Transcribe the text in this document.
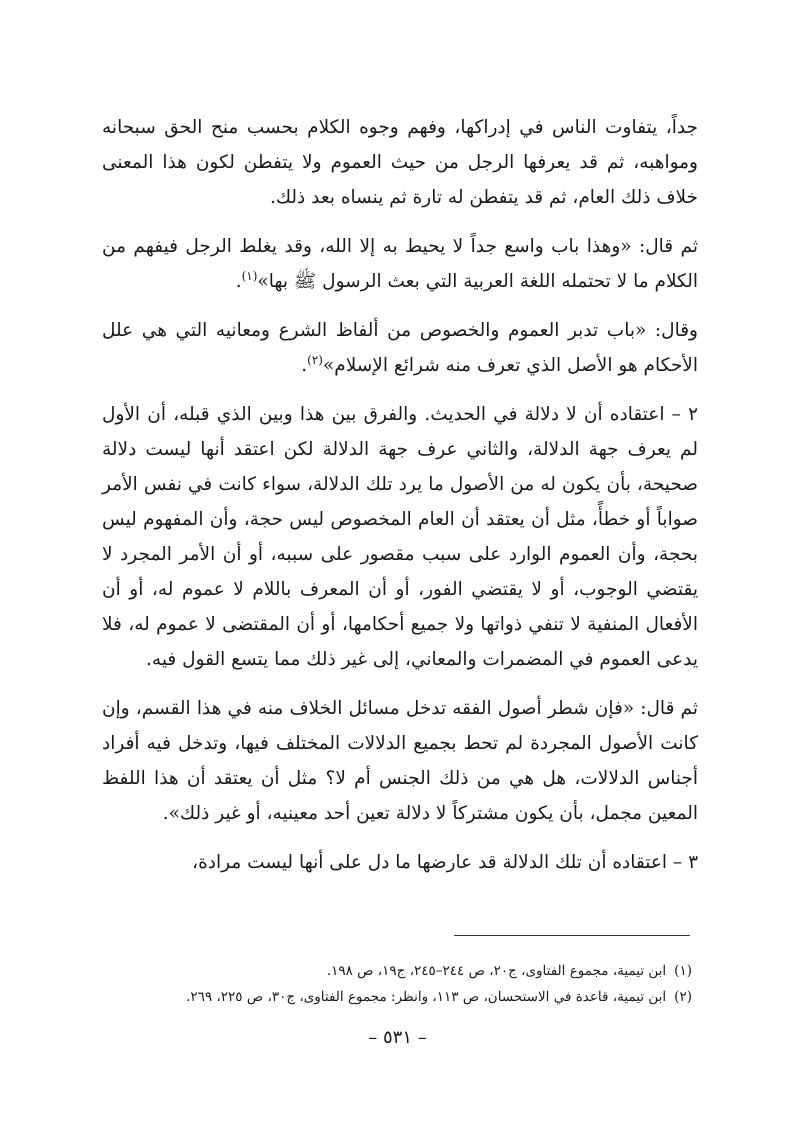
جداً، يتفاوت الناس في إدراكها، وفهم وجوه الكلام بحسب منح الحق سبحانه ومواهبه، ثم قد يعرفها الرجل من حيث العموم ولا يتفطن لكون هذا المعنى خلاف ذلك العام، ثم قد يتفطن له تارة ثم ينساه بعد ذلك.

ثم قال: «وهذا باب واسع جداً لا يحيط به إلا الله، وقد يغلط الرجل فيفهم من الكلام ما لا تحتمله اللغة العربية التي بعث الرسول ﷺ بها»$^{(١)}$.

وقال: «باب تدبر العموم والخصوص من ألفاظ الشرع ومعانيه التي هي علل الأحكام هو الأصل الذي تعرف منه شرائع الإسلام»$^{(٢)}$.

٢ – اعتقاده أن لا دلالة في الحديث. والفرق بين هذا وبين الذي قبله، أن الأول لم يعرف جهة الدلالة، والثاني عرف جهة الدلالة لكن اعتقد أنها ليست دلالة صحيحة، بأن يكون له من الأصول ما يرد تلك الدلالة، سواء كانت في نفس الأمر صواباً أو خطأً، مثل أن يعتقد أن العام المخصوص ليس حجة، وأن المفهوم ليس بحجة، وأن العموم الوارد على سبب مقصور على سببه، أو أن الأمر المجرد لا يقتضي الوجوب، أو لا يقتضي الفور، أو أن المعرف باللام لا عموم له، أو أن الأفعال المنفية لا تنفي ذواتها ولا جميع أحكامها، أو أن المقتضى لا عموم له، فلا يدعى العموم في المضمرات والمعاني، إلى غير ذلك مما يتسع القول فيه.

ثم قال: «فإن شطر أصول الفقه تدخل مسائل الخلاف منه في هذا القسم، وإن كانت الأصول المجردة لم تحط بجميع الدلالات المختلف فيها، وتدخل فيه أفراد أجناس الدلالات، هل هي من ذلك الجنس أم لا؟ مثل أن يعتقد أن هذا اللفظ المعين مجمل، بأن يكون مشتركاً لا دلالة تعين أحد معينيه، أو غير ذلك».

٣ – اعتقاده أن تلك الدلالة قد عارضها ما دل على أنها ليست مرادة،

(١)
ابن تيمية، مجموع الفتاوى، ج٢٠، ص ٢٤٤–٢٤٥، ج١٩، ص ١٩٨.
(٢)
ابن تيمية، قاعدة في الاستحسان، ص ١١٣، وانظر: مجموع الفتاوى، ج٣٠، ص ٢٢٥، ٢٦٩.
– ٥٣١ –
